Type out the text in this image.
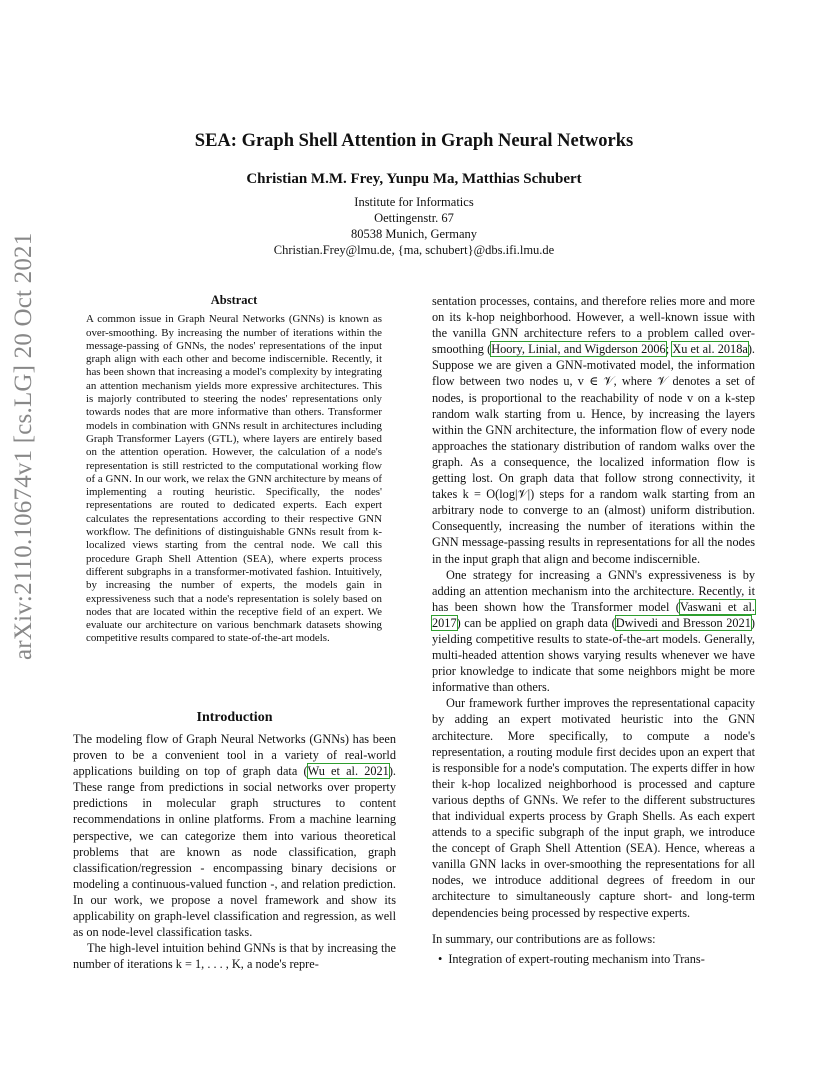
arXiv:2110.10674v1 [cs.LG] 20 Oct 2021
SEA: Graph Shell Attention in Graph Neural Networks
Christian M.M. Frey, Yunpu Ma, Matthias Schubert
Institute for Informatics
Oettingenstr. 67
80538 Munich, Germany
Christian.Frey@lmu.de, {ma, schubert}@dbs.ifi.lmu.de
Abstract

A common issue in Graph Neural Networks (GNNs) is known as over-smoothing. By increasing the number of iterations within the message-passing of GNNs, the nodes' representations of the input graph align with each other and become indiscernible. Recently, it has been shown that increasing a model's complexity by integrating an attention mechanism yields more expressive architectures. This is majorly contributed to steering the nodes' representations only towards nodes that are more informative than others. Transformer models in combination with GNNs result in architectures including Graph Transformer Layers (GTL), where layers are entirely based on the attention operation. However, the calculation of a node's representation is still restricted to the computational working flow of a GNN. In our work, we relax the GNN architecture by means of implementing a routing heuristic. Specifically, the nodes' representations are routed to dedicated experts. Each expert calculates the representations according to their respective GNN workflow. The definitions of distinguishable GNNs result from k-localized views starting from the central node. We call this procedure Graph Shell Attention (SEA), where experts process different subgraphs in a transformer-motivated fashion. Intuitively, by increasing the number of experts, the models gain in expressiveness such that a node's representation is solely based on nodes that are located within the receptive field of an expert. We evaluate our architecture on various benchmark datasets showing competitive results compared to state-of-the-art models.

Introduction

The modeling flow of Graph Neural Networks (GNNs) has been proven to be a convenient tool in a variety of real-world applications building on top of graph data (Wu et al. 2021). These range from predictions in social networks over property predictions in molecular graph structures to content recommendations in online platforms. From a machine learning perspective, we can categorize them into various theoretical problems that are known as node classification, graph classification/regression - encompassing binary decisions or modeling a continuous-valued function -, and relation prediction. In our work, we propose a novel framework and show its applicability on graph-level classification and regression, as well as on node-level classification tasks.

The high-level intuition behind GNNs is that by increasing the number of iterations k = 1, . . . , K, a node's repre-

sentation processes, contains, and therefore relies more and more on its k-hop neighborhood. However, a well-known issue with the vanilla GNN architecture refers to a problem called over-smoothing (Hoory, Linial, and Wigderson 2006; Xu et al. 2018a). Suppose we are given a GNN-motivated model, the information flow between two nodes u, v ∈ 𝒱, where 𝒱 denotes a set of nodes, is proportional to the reachability of node v on a k-step random walk starting from u. Hence, by increasing the layers within the GNN architecture, the information flow of every node approaches the stationary distribution of random walks over the graph. As a consequence, the localized information flow is getting lost. On graph data that follow strong connectivity, it takes k = O(log|𝒱|) steps for a random walk starting from an arbitrary node to converge to an (almost) uniform distribution. Consequently, increasing the number of iterations within the GNN message-passing results in representations for all the nodes in the input graph that align and become indiscernible.

One strategy for increasing a GNN's expressiveness is by adding an attention mechanism into the architecture. Recently, it has been shown how the Transformer model (Vaswani et al. 2017) can be applied on graph data (Dwivedi and Bresson 2021) yielding competitive results to state-of-the-art models. Generally, multi-headed attention shows varying results whenever we have prior knowledge to indicate that some neighbors might be more informative than others.

Our framework further improves the representational capacity by adding an expert motivated heuristic into the GNN architecture. More specifically, to compute a node's representation, a routing module first decides upon an expert that is responsible for a node's computation. The experts differ in how their k-hop localized neighborhood is processed and capture various depths of GNNs. We refer to the different substructures that individual experts process by Graph Shells. As each expert attends to a specific subgraph of the input graph, we introduce the concept of Graph Shell Attention (SEA). Hence, whereas a vanilla GNN lacks in over-smoothing the representations for all nodes, we introduce additional degrees of freedom in our architecture to simultaneously capture short- and long-term dependencies being processed by respective experts.

In summary, our contributions are as follows:

• Integration of expert-routing mechanism into Trans-
